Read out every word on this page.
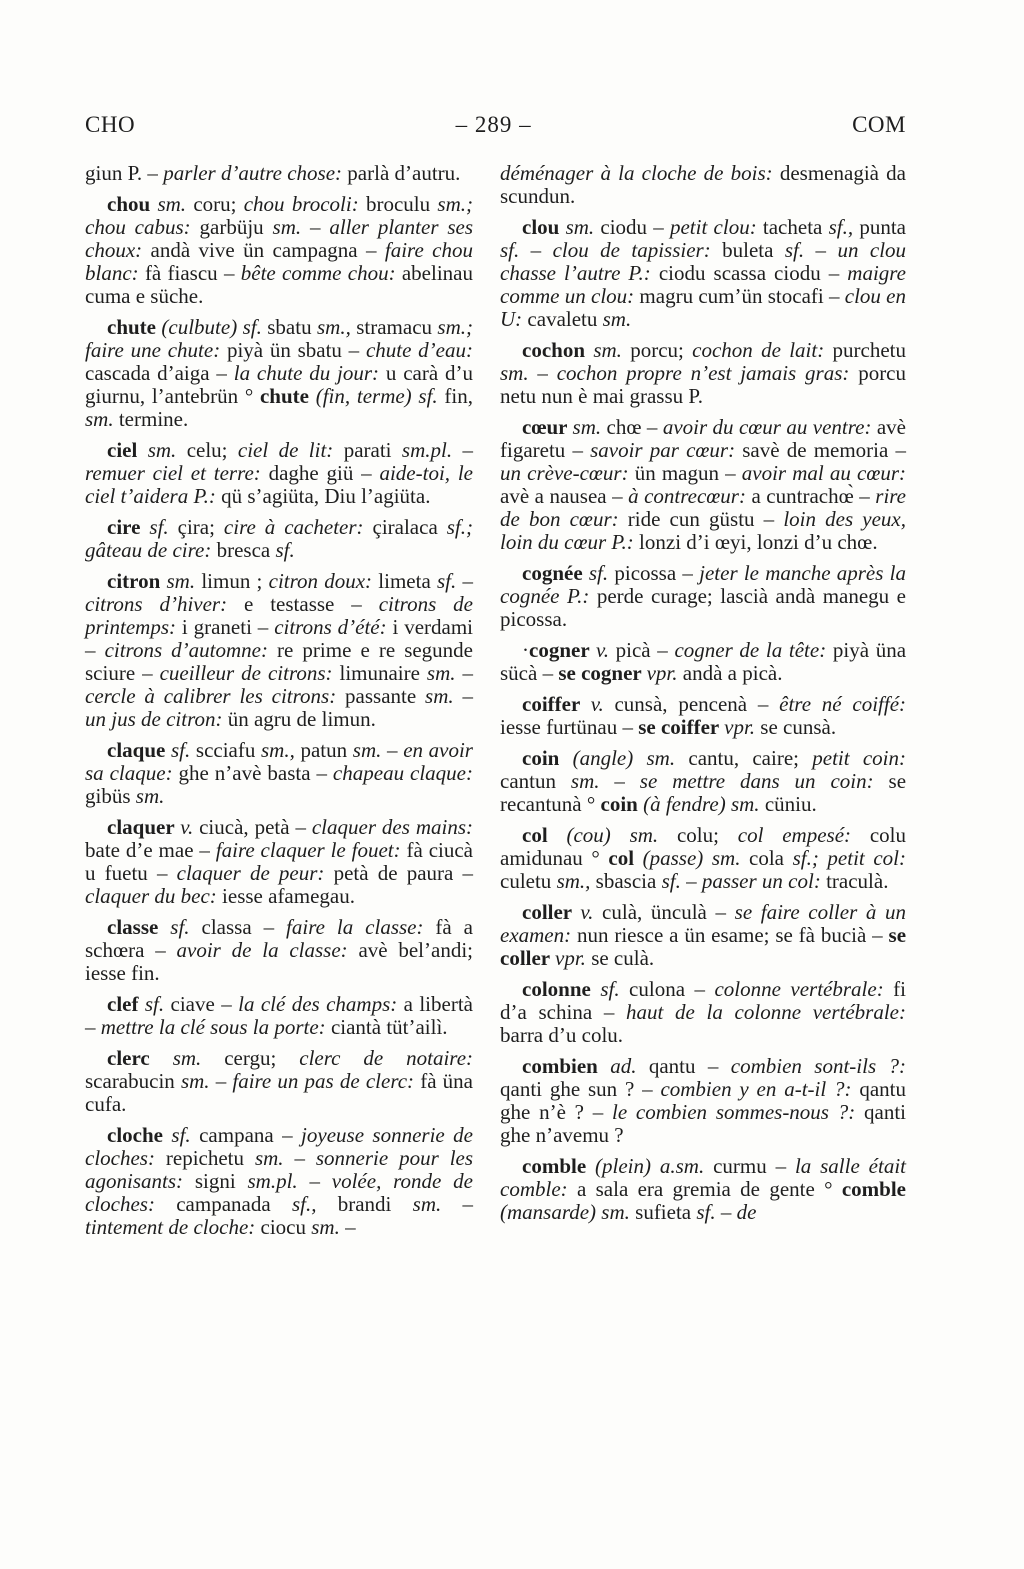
CHO	– 289 –	COM

giun P. – parler d’autre chose: parlà d’autru.

chou sm. coru; chou brocoli: broculu sm.; chou cabus: garbüju sm. – aller planter ses choux: andà vive ün campagna – faire chou blanc: fà fiascu – bête comme chou: abelinau cuma e süche.

chute (culbute) sf. sbatu sm., stramacu sm.; faire une chute: piyà ün sbatu – chute d’eau: cascada d’aiga – la chute du jour: u carà d’u giurnu, l’antebrün ° chute (fin, terme) sf. fin, sm. termine.

ciel sm. celu; ciel de lit: parati sm.pl. – remuer ciel et terre: daghe giü – aide-toi, le ciel t’aidera P.: qü s’agiüta, Diu l’agiüta.

cire sf. çira; cire à cacheter: çiralaca sf.; gâteau de cire: bresca sf.

citron sm. limun ; citron doux: limeta sf. – citrons d’hiver: e testasse – citrons de printemps: i graneti – citrons d’été: i verdami – citrons d’automne: re prime e re segunde sciure – cueilleur de citrons: limunaire sm. – cercle à calibrer les citrons: passante sm. – un jus de citron: ün agru de limun.

claque sf. scciafu sm., patun sm. – en avoir sa claque: ghe n’avè basta – chapeau claque: gibüs sm.

claquer v. ciucà, petà – claquer des mains: bate d’e mae – faire claquer le fouet: fà ciucà u fuetu – claquer de peur: petà de paura – claquer du bec: iesse afamegau.

classe sf. classa – faire la classe: fà a schœra – avoir de la classe: avè bel’andi; iesse fin.

clef sf. ciave – la clé des champs: a libertà – mettre la clé sous la porte: ciantà tüt’ailì.

clerc sm. cergu; clerc de notaire: scarabucin sm. – faire un pas de clerc: fà üna cufa.

cloche sf. campana – joyeuse sonnerie de cloches: repichetu sm. – sonnerie pour les agonisants: signi sm.pl. – volée, ronde de cloches: campanada sf., brandi sm. – tintement de cloche: ciocu sm. –

déménager à la cloche de bois: desmenagià da scundun.

clou sm. ciodu – petit clou: tacheta sf., punta sf. – clou de tapissier: buleta sf. – un clou chasse l’autre P.: ciodu scassa ciodu – maigre comme un clou: magru cum’ün stocafi – clou en U: cavaletu sm.

cochon sm. porcu; cochon de lait: purchetu sm. – cochon propre n’est jamais gras: porcu netu nun è mai grassu P.

cœur sm. chœ – avoir du cœur au ventre: avè figaretu – savoir par cœur: savè de memoria – un crève-cœur: ün magun – avoir mal au cœur: avè a nausea – à contrecœur: a cuntrachœ̀ – rire de bon cœur: ride cun güstu – loin des yeux, loin du cœur P.: lonzi d’i œyi, lonzi d’u chœ.

cognée sf. picossa – jeter le manche après la cognée P.: perde curage; lascià andà manegu e picossa.

·cogner v. picà – cogner de la tête: piyà üna sücà – se cogner vpr. andà a picà.

coiffer v. cunsà, pencenà – être né coiffé: iesse furtünau – se coiffer vpr. se cunsà.

coin (angle) sm. cantu, caire; petit coin: cantun sm. – se mettre dans un coin: se recantunà ° coin (à fendre) sm. cüniu.

col (cou) sm. colu; col empesé: colu amidunau ° col (passe) sm. cola sf.; petit col: culetu sm., sbascia sf. – passer un col: traculà.

coller v. culà, ünculà – se faire coller à un examen: nun riesce a ün esame; se fà bucià – se coller vpr. se culà.

colonne sf. culona – colonne vertébrale: fi d’a schina – haut de la colonne vertébrale: barra d’u colu.

combien ad. qantu – combien sont-ils ?: qanti ghe sun ? – combien y en a-t-il ?: qantu ghe n’è ? – le combien sommes-nous ?: qanti ghe n’avemu ?

comble (plein) a.sm. curmu – la salle était comble: a sala era gremia de gente ° comble (mansarde) sm. sufieta sf. – de
